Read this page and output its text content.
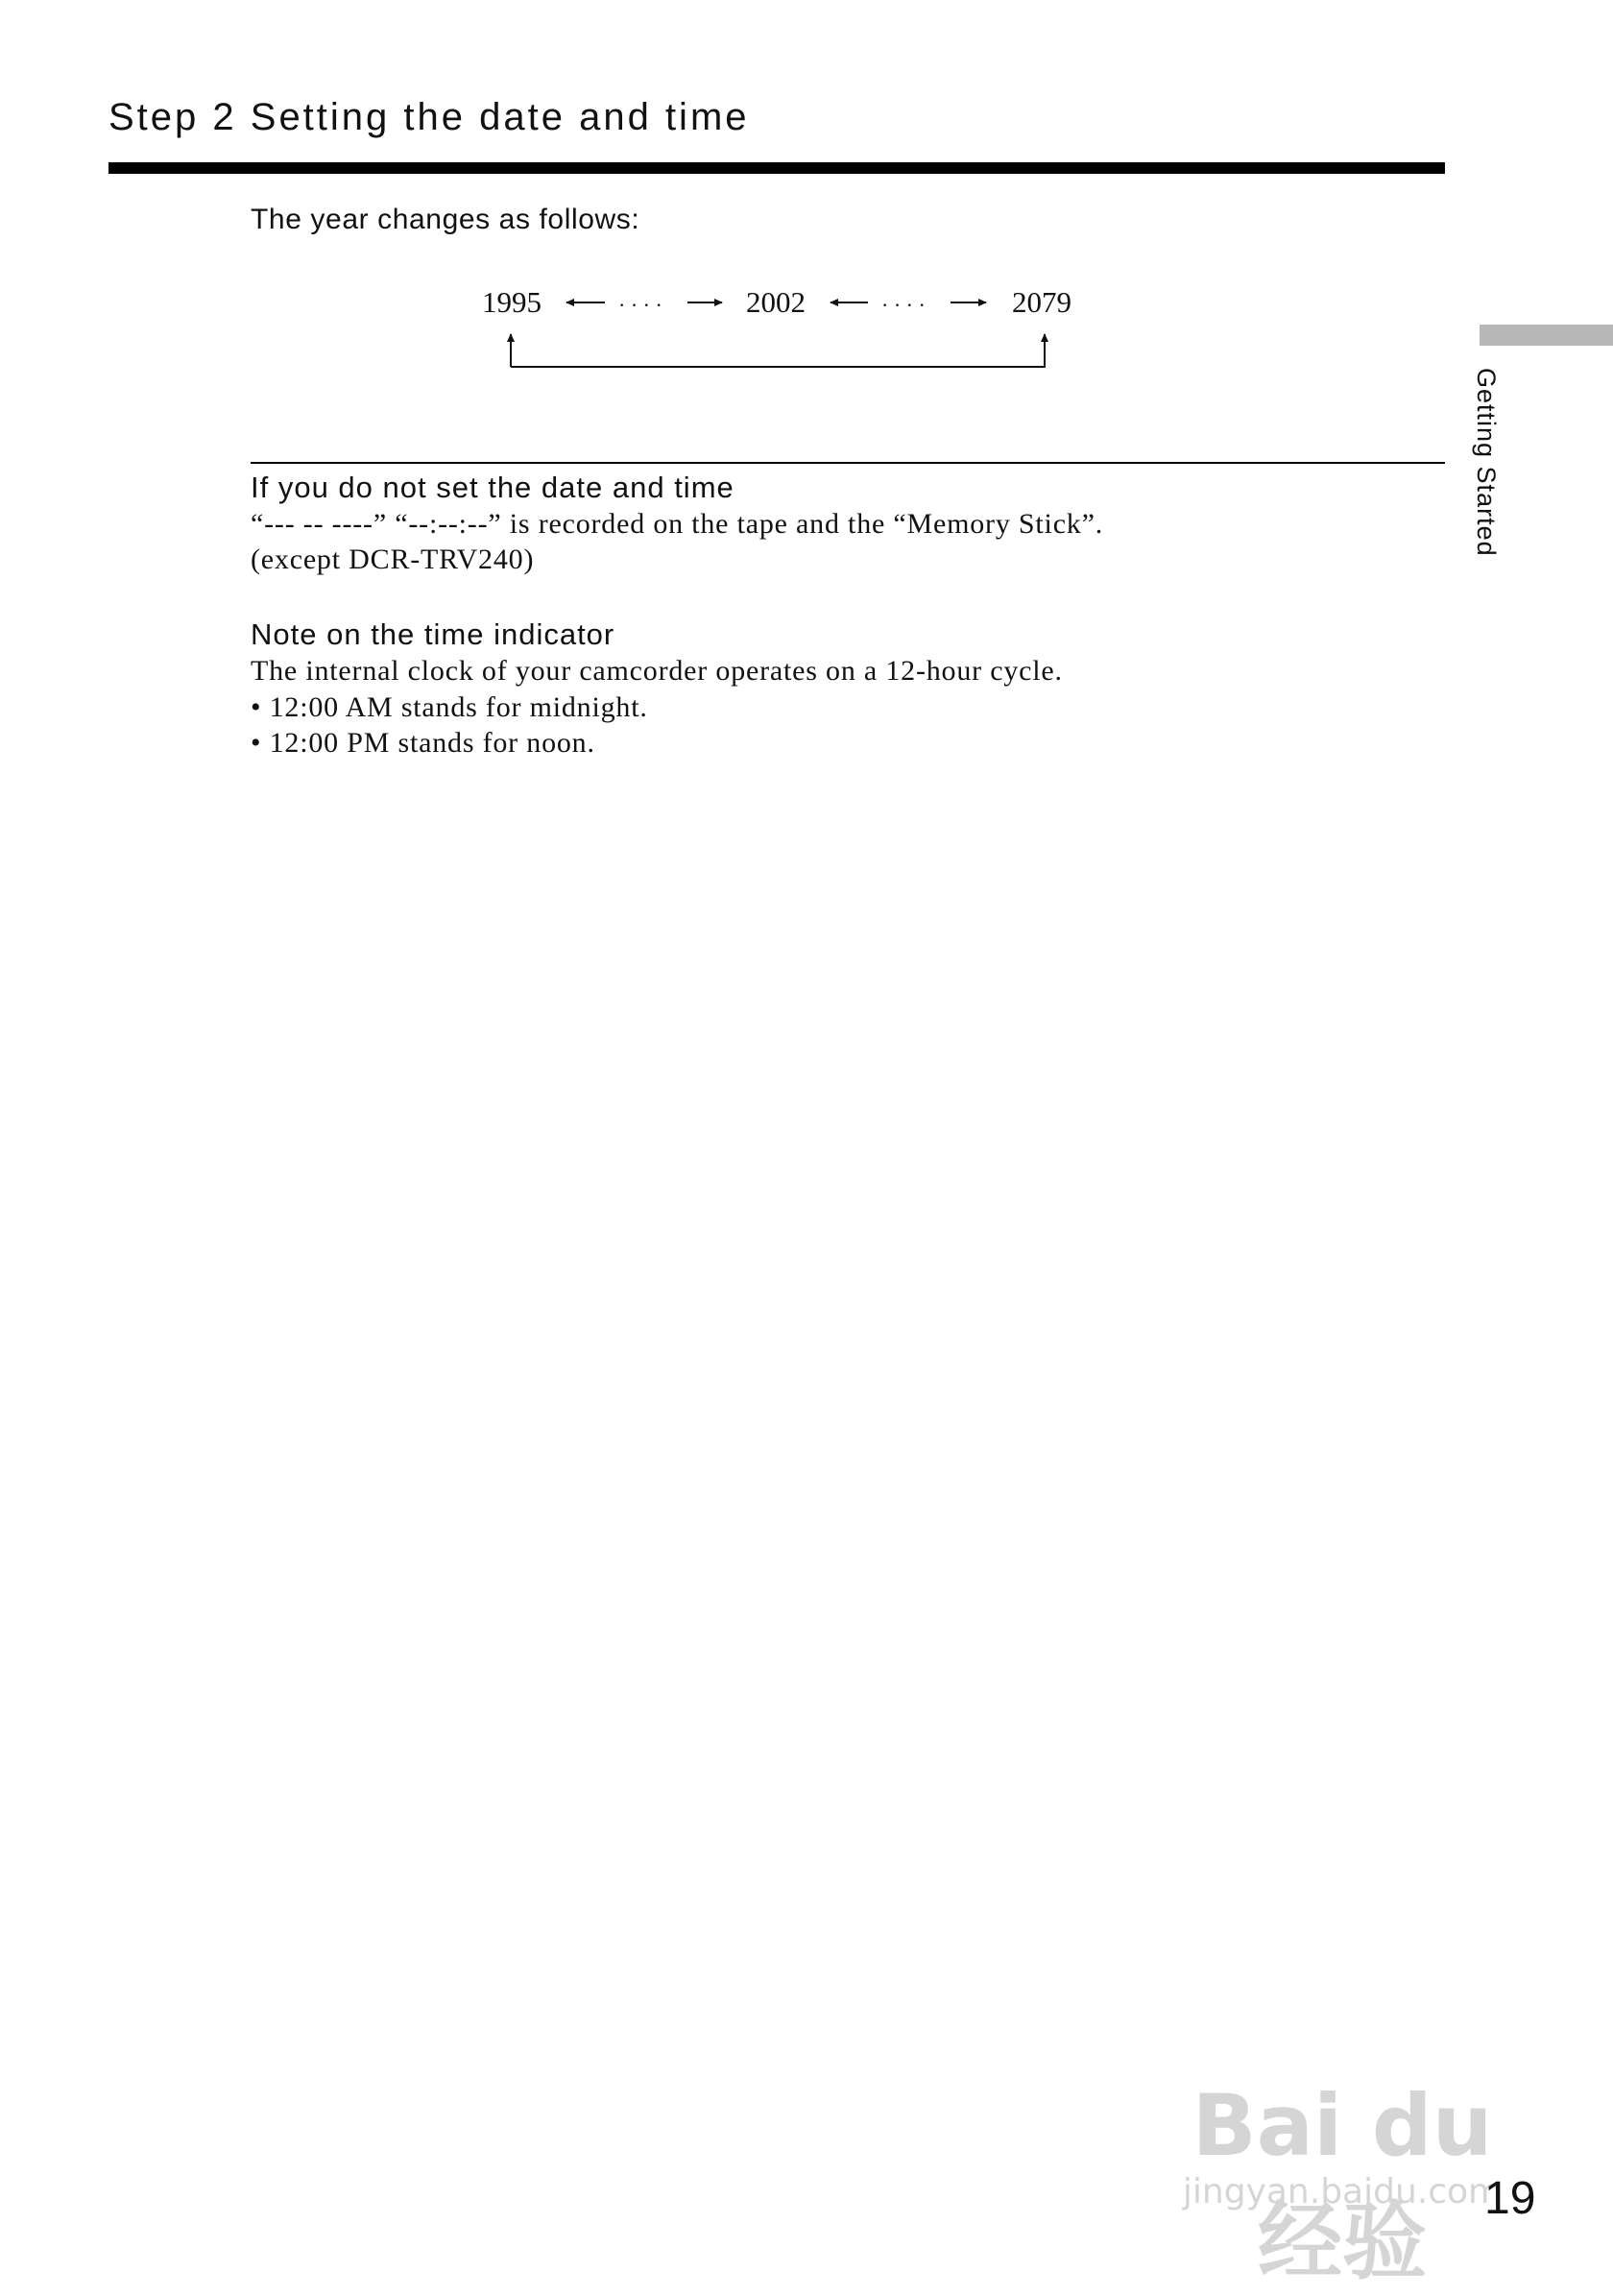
Step 2 Setting the date and time

The year changes as follows:

1995	· · · ·	2002	· · · ·	2079
If you do not set the date and time

“--- -- ----” “--:--:--” is recorded on the tape and the “Memory Stick”.

(except DCR-TRV240)

Note on the time indicator

The internal clock of your camcorder operates on a 12-hour cycle.

• 12:00 AM stands for midnight.

• 12:00 PM stands for noon.

Getting Started
Bai du 经验
jingyan.baidu.com

19
